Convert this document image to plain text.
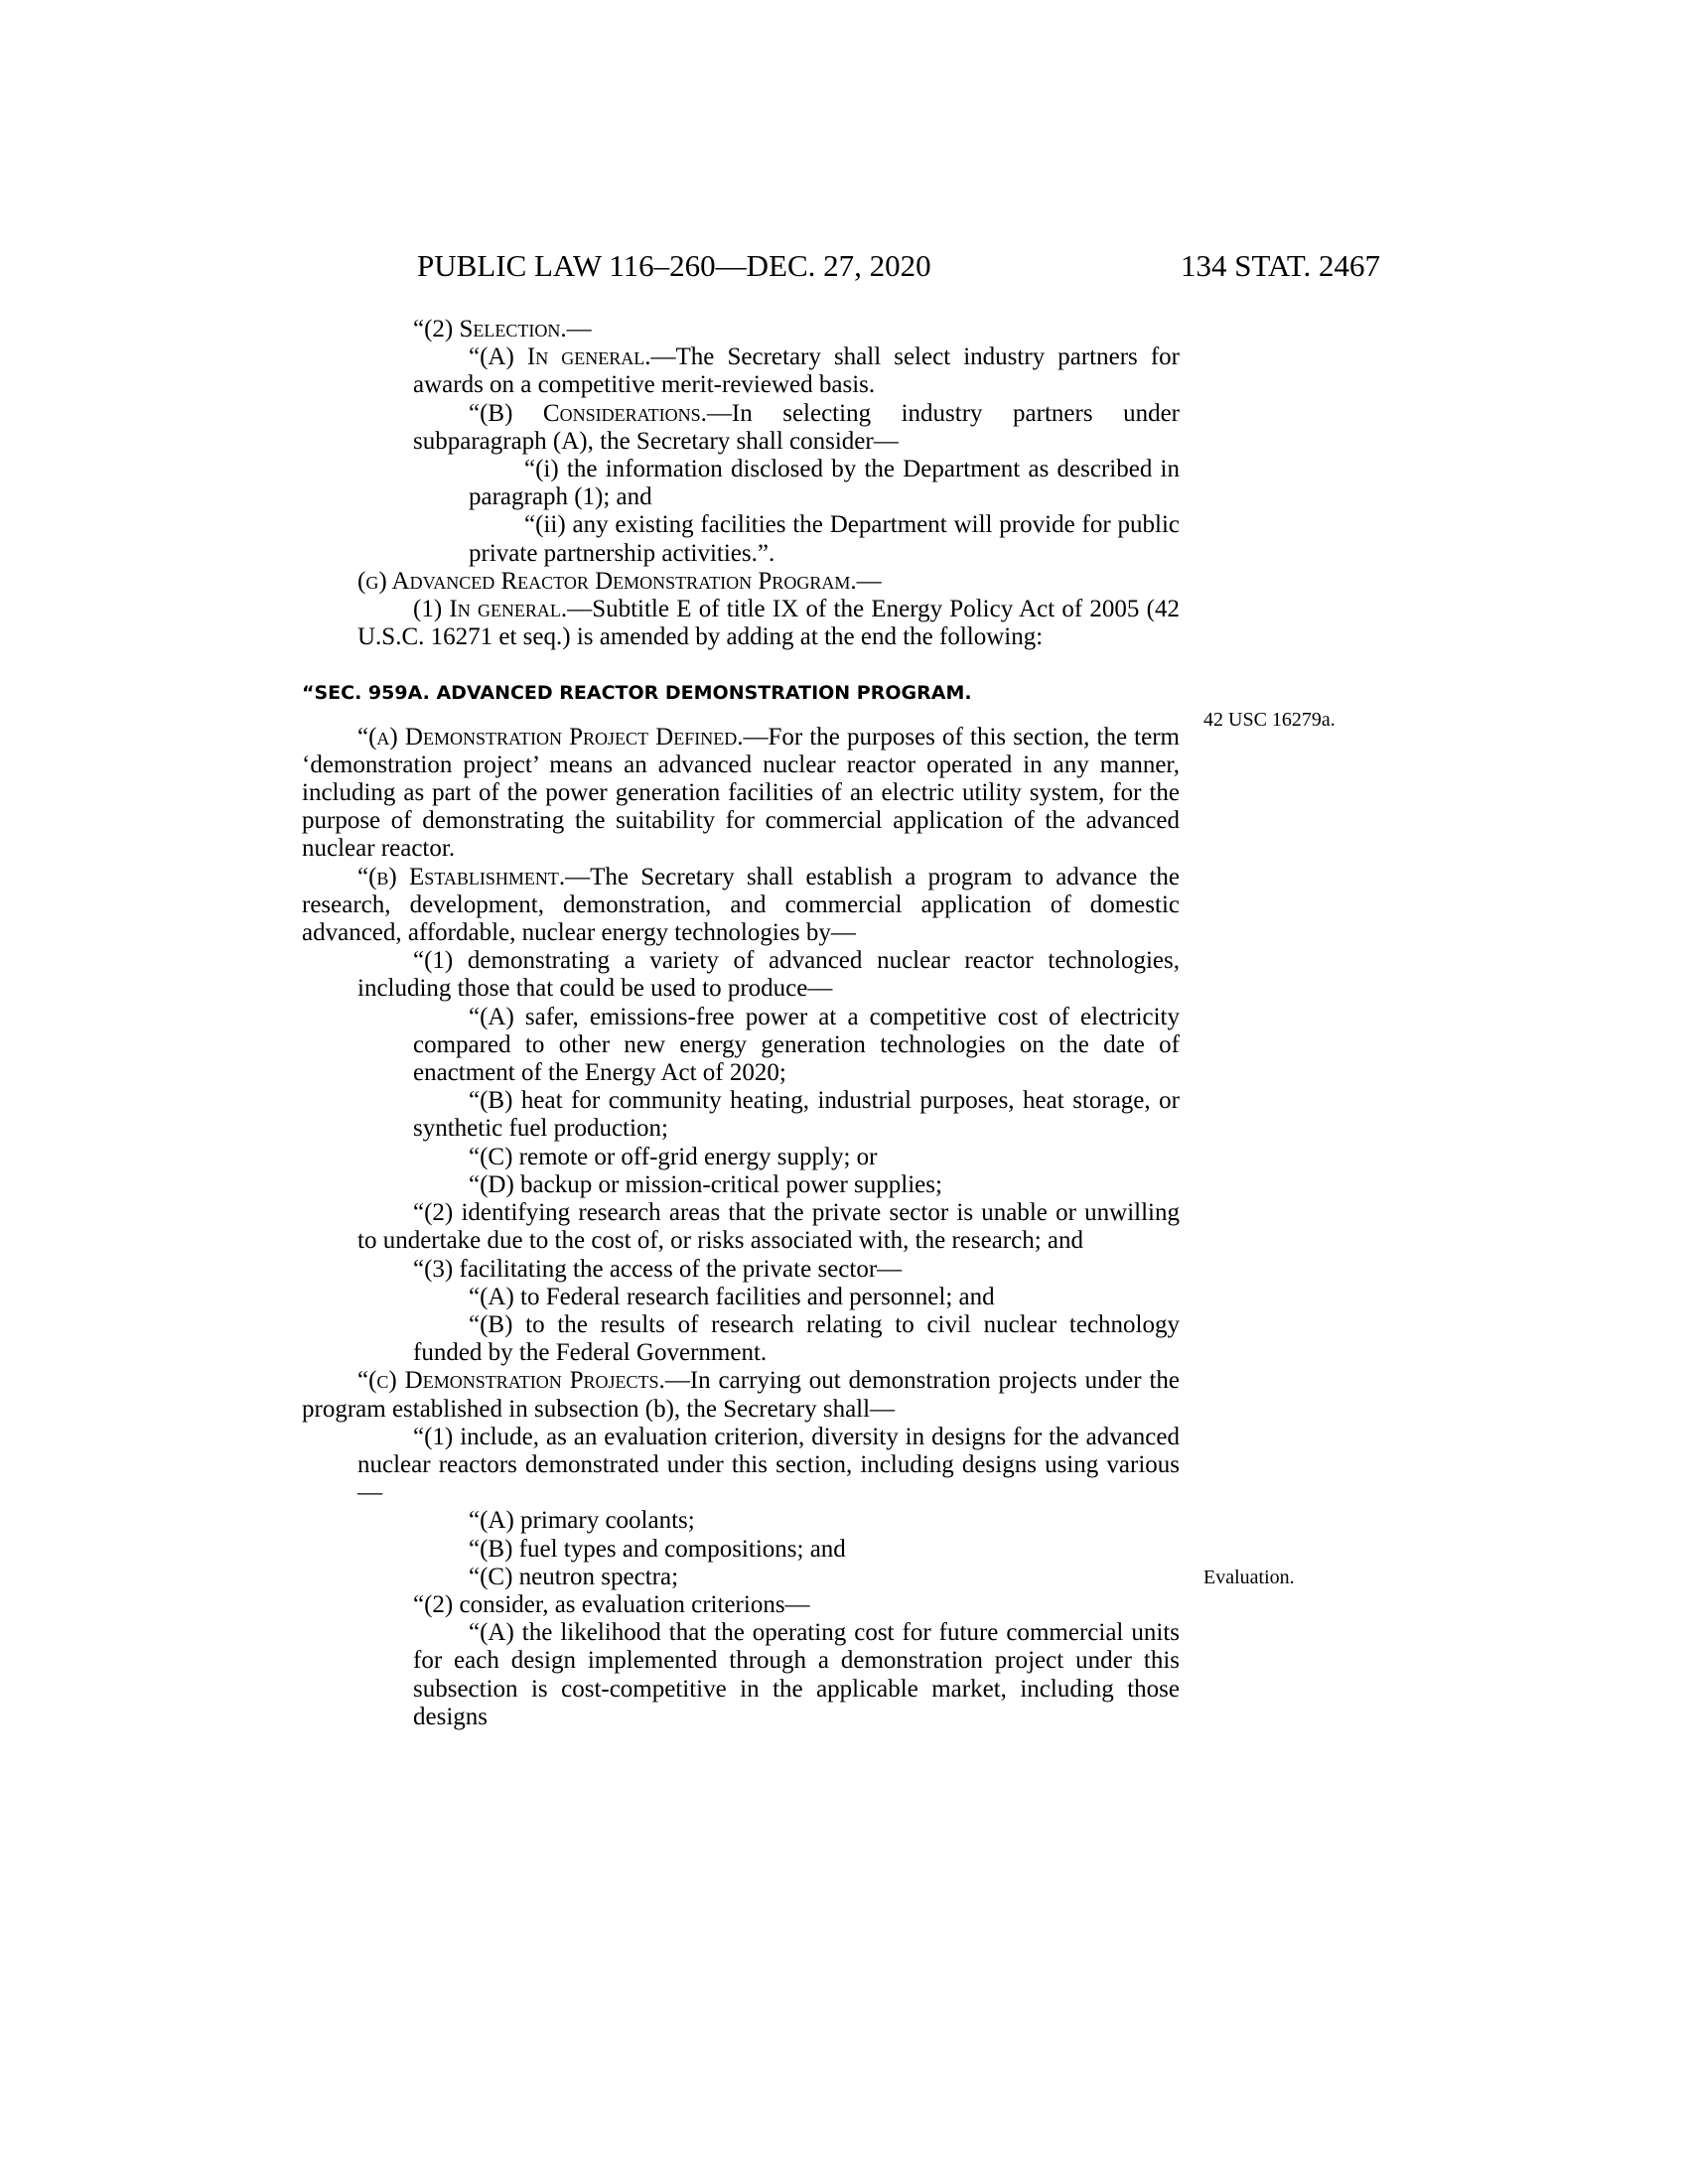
PUBLIC LAW 116–260—DEC. 27, 2020	134 STAT. 2467

“(2) Selection.—

“(A) In general.—The Secretary shall select industry partners for awards on a competitive merit-reviewed basis.

“(B) Considerations.—In selecting industry partners under subparagraph (A), the Secretary shall consider—

“(i) the information disclosed by the Department as described in paragraph (1); and

“(ii) any existing facilities the Department will provide for public private partnership activities.”.

(g) Advanced Reactor Demonstration Program.—

(1) In general.—Subtitle E of title IX of the Energy Policy Act of 2005 (42 U.S.C. 16271 et seq.) is amended by adding at the end the following:

“SEC. 959A. ADVANCED REACTOR DEMONSTRATION PROGRAM.

“(a) Demonstration Project Defined.—For the purposes of this section, the term ‘demonstration project’ means an advanced nuclear reactor operated in any manner, including as part of the power generation facilities of an electric utility system, for the purpose of demonstrating the suitability for commercial application of the advanced nuclear reactor.

“(b) Establishment.—The Secretary shall establish a program to advance the research, development, demonstration, and commercial application of domestic advanced, affordable, nuclear energy technologies by—

“(1) demonstrating a variety of advanced nuclear reactor technologies, including those that could be used to produce—

“(A) safer, emissions-free power at a competitive cost of electricity compared to other new energy generation technologies on the date of enactment of the Energy Act of 2020;

“(B) heat for community heating, industrial purposes, heat storage, or synthetic fuel production;

“(C) remote or off-grid energy supply; or

“(D) backup or mission-critical power supplies;

“(2) identifying research areas that the private sector is unable or unwilling to undertake due to the cost of, or risks associated with, the research; and

“(3) facilitating the access of the private sector—

“(A) to Federal research facilities and personnel; and

“(B) to the results of research relating to civil nuclear technology funded by the Federal Government.

“(c) Demonstration Projects.—In carrying out demonstration projects under the program established in subsection (b), the Secretary shall—

“(1) include, as an evaluation criterion, diversity in designs for the advanced nuclear reactors demonstrated under this section, including designs using various—

“(A) primary coolants;

“(B) fuel types and compositions; and

“(C) neutron spectra;

“(2) consider, as evaluation criterions—

“(A) the likelihood that the operating cost for future commercial units for each design implemented through a demonstration project under this subsection is cost-competitive in the applicable market, including those designs

42 USC 16279a.
Evaluation.
